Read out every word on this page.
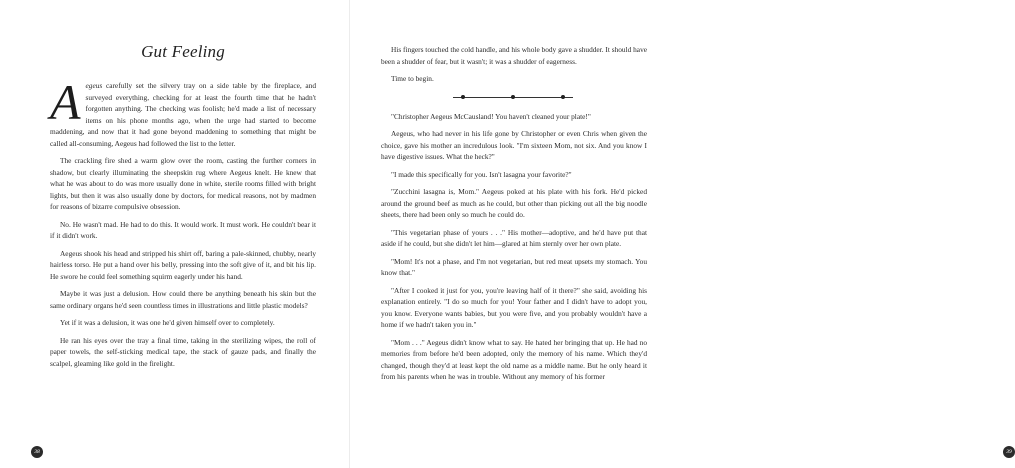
Gut Feeling

Aegeus carefully set the silvery tray on a side table by the fireplace, and surveyed everything, checking for at least the fourth time that he hadn't forgotten anything. The checking was foolish; he'd made a list of necessary items on his phone months ago, when the urge had started to become maddening, and now that it had gone beyond maddening to something that might be called all-consuming, Aegeus had followed the list to the letter.

The crackling fire shed a warm glow over the room, casting the further corners in shadow, but clearly illuminating the sheepskin rug where Aegeus knelt. He knew that what he was about to do was more usually done in white, sterile rooms filled with bright lights, but then it was also usually done by doctors, for medical reasons, not by madmen for reasons of bizarre compulsive obsession.

No. He wasn't mad. He had to do this. It would work. It must work. He couldn't bear it if it didn't work.

Aegeus shook his head and stripped his shirt off, baring a pale-skinned, chubby, nearly hairless torso. He put a hand over his belly, pressing into the soft give of it, and bit his lip. He swore he could feel something squirm eagerly under his hand.

Maybe it was just a delusion. How could there be anything beneath his skin but the same ordinary organs he'd seen countless times in illustrations and little plastic models?

Yet if it was a delusion, it was one he'd given himself over to completely.

He ran his eyes over the tray a final time, taking in the sterilizing wipes, the roll of paper towels, the self-sticking medical tape, the stack of gauze pads, and finally the scalpel, gleaming like gold in the firelight.

38

His fingers touched the cold handle, and his whole body gave a shudder. It should have been a shudder of fear, but it wasn't; it was a shudder of eagerness.

Time to begin.

"Christopher Aegeus McCausland! You haven't cleaned your plate!"

Aegeus, who had never in his life gone by Christopher or even Chris when given the choice, gave his mother an incredulous look. "I'm sixteen Mom, not six. And you know I have digestive issues. What the heck?"

"I made this specifically for you. Isn't lasagna your favorite?"

"Zucchini lasagna is, Mom." Aegeus poked at his plate with his fork. He'd picked around the ground beef as much as he could, but other than picking out all the big noodle sheets, there had been only so much he could do.

"This vegetarian phase of yours . . ." His mother—adoptive, and he'd have put that aside if he could, but she didn't let him—glared at him sternly over her own plate.

"Mom! It's not a phase, and I'm not vegetarian, but red meat upsets my stomach. You know that."

"After I cooked it just for you, you're leaving half of it there?" she said, avoiding his explanation entirely. "I do so much for you! Your father and I didn't have to adopt you, you know. Everyone wants babies, but you were five, and you probably wouldn't have a home if we hadn't taken you in."

"Mom . . ." Aegeus didn't know what to say. He hated her bringing that up. He had no memories from before he'd been adopted, only the memory of his name. Which they'd changed, though they'd at least kept the old name as a middle name. But he only heard it from his parents when he was in trouble. Without any memory of his former

39
